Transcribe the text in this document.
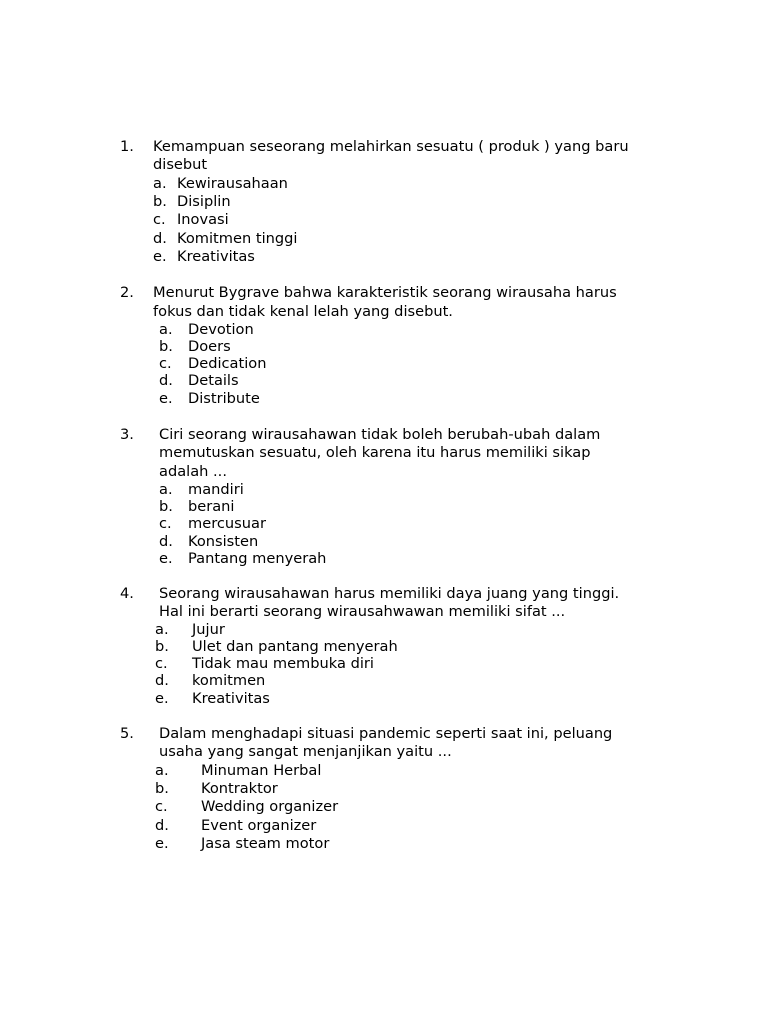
1. Kemampuan seseorang melahirkan sesuatu ( produk ) yang baru
disebut
a. Kewirausahaan
b. Disiplin
c. Inovasi
d. Komitmen tinggi
e. Kreativitas
2. Menurut Bygrave bahwa karakteristik seorang wirausaha harus
fokus dan tidak kenal lelah yang disebut.
a. Devotion
b. Doers
c. Dedication
d. Details
e. Distribute
3. Ciri seorang wirausahawan tidak boleh berubah-ubah dalam
memutuskan sesuatu, oleh karena itu harus memiliki sikap
adalah ...
a. mandiri
b. berani
c. mercusuar
d. Konsisten
e. Pantang menyerah
4. Seorang wirausahawan harus memiliki daya juang yang tinggi.
Hal ini berarti seorang wirausahwawan memiliki sifat ...
a. Jujur
b. Ulet dan pantang menyerah
c. Tidak mau membuka diri
d. komitmen
e. Kreativitas
5. Dalam menghadapi situasi pandemic seperti saat ini, peluang
usaha yang sangat menjanjikan yaitu ...
a. Minuman Herbal
b. Kontraktor
c. Wedding organizer
d. Event organizer
e. Jasa steam motor
